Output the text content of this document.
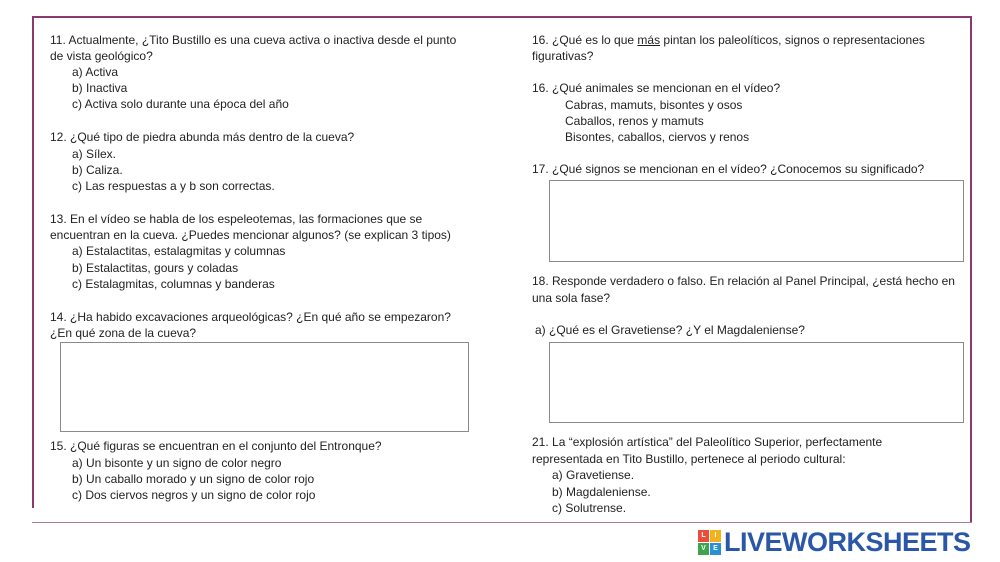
11. Actualmente, ¿Tito Bustillo es una cueva activa o inactiva desde el punto
de vista geológico?
a) Activa
b) Inactiva
c) Activa solo durante una época del año
12. ¿Qué tipo de piedra abunda más dentro de la cueva?
a) Sílex.
b) Caliza.
c) Las respuestas a y b son correctas.
13. En el vídeo se habla de los espeleotemas, las formaciones que se
encuentran en la cueva. ¿Puedes mencionar algunos? (se explican 3 tipos)
a) Estalactitas, estalagmitas y columnas
b) Estalactitas, gours y coladas
c) Estalagmitas, columnas y banderas
14. ¿Ha habido excavaciones arqueológicas? ¿En qué año se empezaron?
¿En qué zona de la cueva?
15. ¿Qué figuras se encuentran en el conjunto del Entronque?
a) Un bisonte y un signo de color negro
b) Un caballo morado y un signo de color rojo
c) Dos ciervos negros y un signo de color rojo
16. ¿Qué es lo que más pintan los paleolíticos, signos o representaciones
figurativas?
16. ¿Qué animales se mencionan en el vídeo?
Cabras, mamuts, bisontes y osos
Caballos, renos y mamuts
Bisontes, caballos, ciervos y renos
17. ¿Qué signos se mencionan en el vídeo? ¿Conocemos su significado?
18. Responde verdadero o falso. En relación al Panel Principal, ¿está hecho en
una sola fase?
a) ¿Qué es el Gravetiense? ¿Y el Magdaleniense?
21. La “explosión artística” del Paleolítico Superior, perfectamente
representada en Tito Bustillo, pertenece al periodo cultural:
a) Gravetiense.
b) Magdaleniense.
c) Solutrense.
L	I
V	E LIVEWORKSHEETS
